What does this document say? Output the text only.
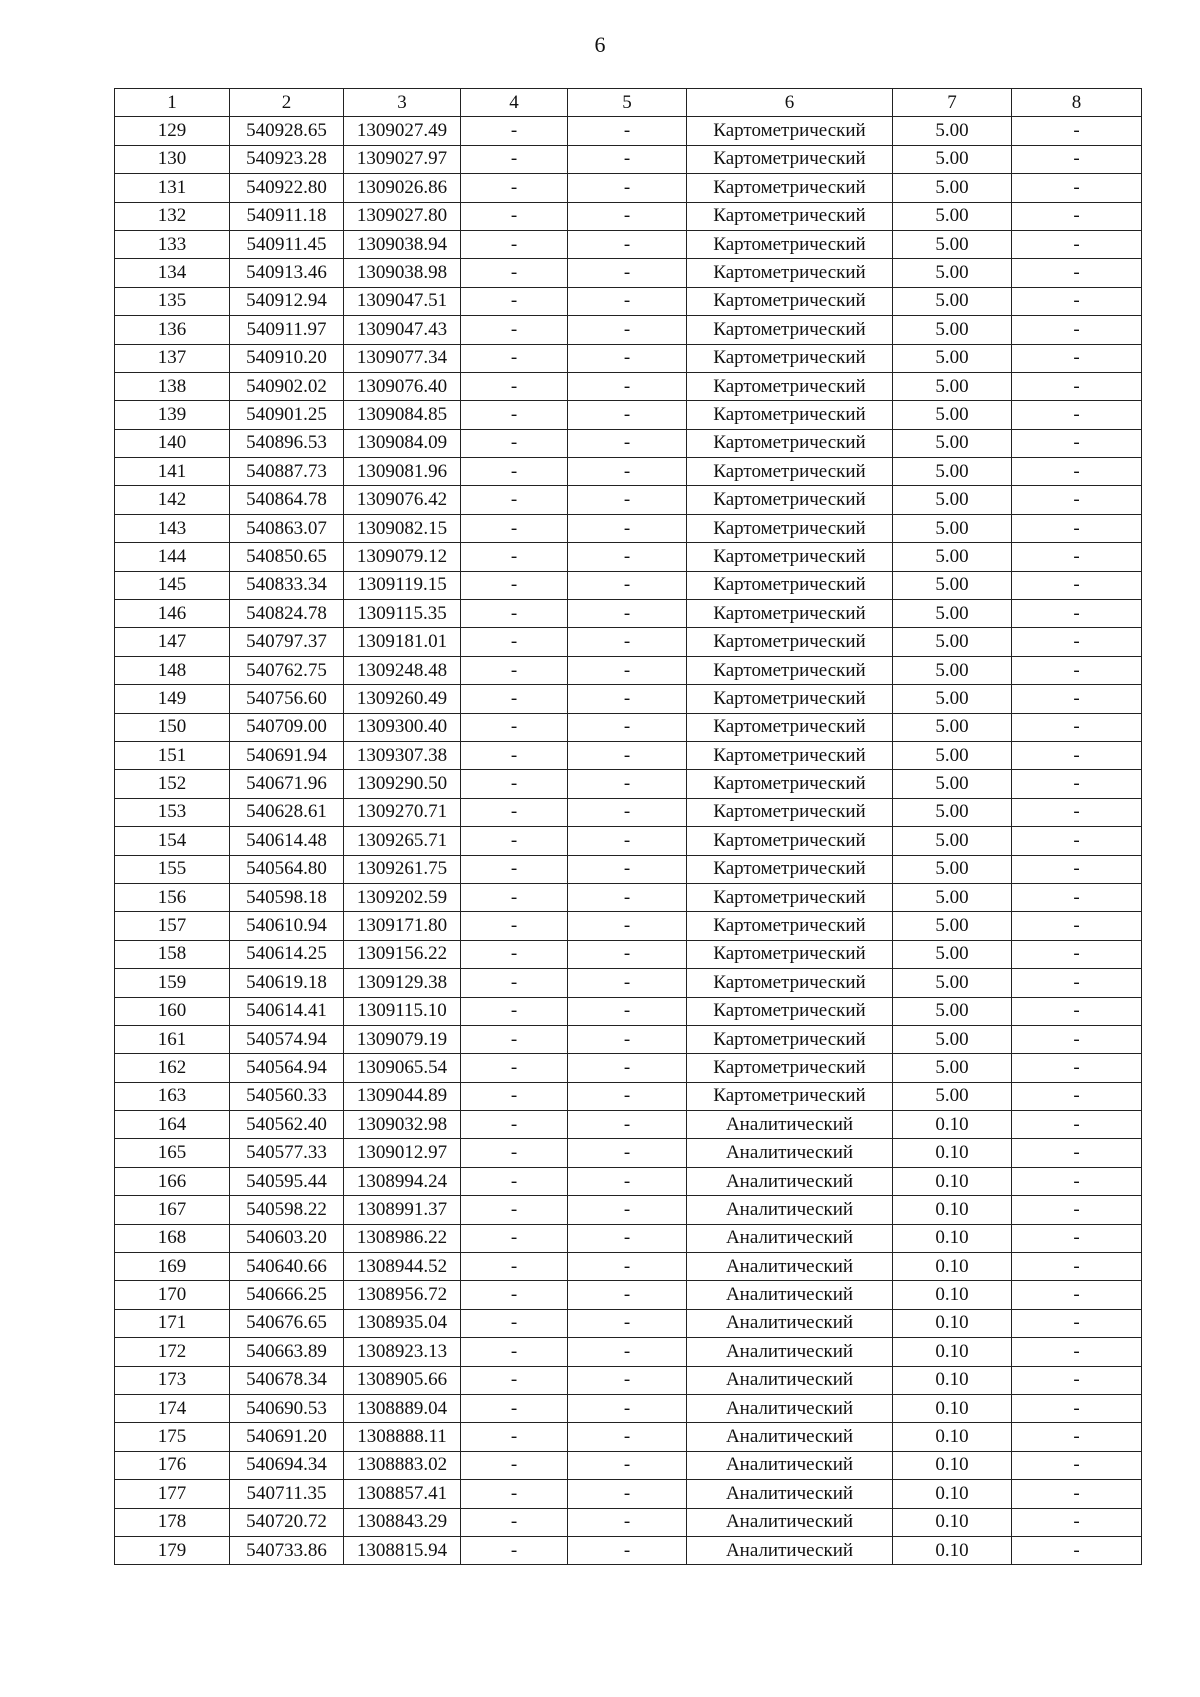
6
1	2	3	4	5	6	7	8
129	540928.65	1309027.49	-	-	Картометрический	5.00	-
130	540923.28	1309027.97	-	-	Картометрический	5.00	-
131	540922.80	1309026.86	-	-	Картометрический	5.00	-
132	540911.18	1309027.80	-	-	Картометрический	5.00	-
133	540911.45	1309038.94	-	-	Картометрический	5.00	-
134	540913.46	1309038.98	-	-	Картометрический	5.00	-
135	540912.94	1309047.51	-	-	Картометрический	5.00	-
136	540911.97	1309047.43	-	-	Картометрический	5.00	-
137	540910.20	1309077.34	-	-	Картометрический	5.00	-
138	540902.02	1309076.40	-	-	Картометрический	5.00	-
139	540901.25	1309084.85	-	-	Картометрический	5.00	-
140	540896.53	1309084.09	-	-	Картометрический	5.00	-
141	540887.73	1309081.96	-	-	Картометрический	5.00	-
142	540864.78	1309076.42	-	-	Картометрический	5.00	-
143	540863.07	1309082.15	-	-	Картометрический	5.00	-
144	540850.65	1309079.12	-	-	Картометрический	5.00	-
145	540833.34	1309119.15	-	-	Картометрический	5.00	-
146	540824.78	1309115.35	-	-	Картометрический	5.00	-
147	540797.37	1309181.01	-	-	Картометрический	5.00	-
148	540762.75	1309248.48	-	-	Картометрический	5.00	-
149	540756.60	1309260.49	-	-	Картометрический	5.00	-
150	540709.00	1309300.40	-	-	Картометрический	5.00	-
151	540691.94	1309307.38	-	-	Картометрический	5.00	-
152	540671.96	1309290.50	-	-	Картометрический	5.00	-
153	540628.61	1309270.71	-	-	Картометрический	5.00	-
154	540614.48	1309265.71	-	-	Картометрический	5.00	-
155	540564.80	1309261.75	-	-	Картометрический	5.00	-
156	540598.18	1309202.59	-	-	Картометрический	5.00	-
157	540610.94	1309171.80	-	-	Картометрический	5.00	-
158	540614.25	1309156.22	-	-	Картометрический	5.00	-
159	540619.18	1309129.38	-	-	Картометрический	5.00	-
160	540614.41	1309115.10	-	-	Картометрический	5.00	-
161	540574.94	1309079.19	-	-	Картометрический	5.00	-
162	540564.94	1309065.54	-	-	Картометрический	5.00	-
163	540560.33	1309044.89	-	-	Картометрический	5.00	-
164	540562.40	1309032.98	-	-	Аналитический	0.10	-
165	540577.33	1309012.97	-	-	Аналитический	0.10	-
166	540595.44	1308994.24	-	-	Аналитический	0.10	-
167	540598.22	1308991.37	-	-	Аналитический	0.10	-
168	540603.20	1308986.22	-	-	Аналитический	0.10	-
169	540640.66	1308944.52	-	-	Аналитический	0.10	-
170	540666.25	1308956.72	-	-	Аналитический	0.10	-
171	540676.65	1308935.04	-	-	Аналитический	0.10	-
172	540663.89	1308923.13	-	-	Аналитический	0.10	-
173	540678.34	1308905.66	-	-	Аналитический	0.10	-
174	540690.53	1308889.04	-	-	Аналитический	0.10	-
175	540691.20	1308888.11	-	-	Аналитический	0.10	-
176	540694.34	1308883.02	-	-	Аналитический	0.10	-
177	540711.35	1308857.41	-	-	Аналитический	0.10	-
178	540720.72	1308843.29	-	-	Аналитический	0.10	-
179	540733.86	1308815.94	-	-	Аналитический	0.10	-
